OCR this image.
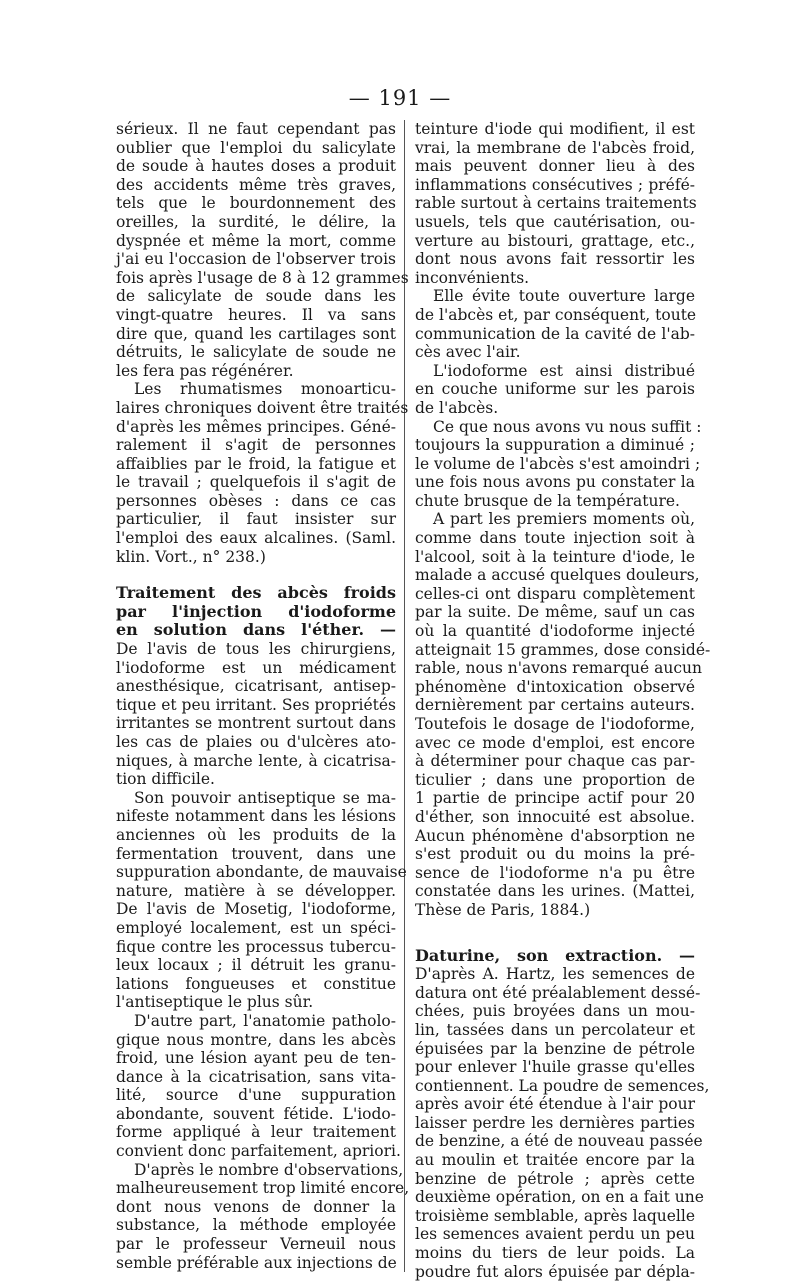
— 191 —
sérieux. Il ne faut cependant pas
oublier que l'emploi du salicylate
de soude à hautes doses a produit
des accidents même très graves,
tels que le bourdonnement des
oreilles, la surdité, le délire, la
dyspnée et même la mort, comme
j'ai eu l'occasion de l'observer trois
fois après l'usage de 8 à 12 grammes
de salicylate de soude dans les
vingt-quatre heures. Il va sans
dire que, quand les cartilages sont
détruits, le salicylate de soude ne
les fera pas régénérer.
Les rhumatismes monoarticu-
laires chroniques doivent être traités
d'après les mêmes principes. Géné-
ralement il s'agit de personnes
affaiblies par le froid, la fatigue et
le travail ; quelquefois il s'agit de
personnes obèses : dans ce cas
particulier, il faut insister sur
l'emploi des eaux alcalines. (Saml.
klin. Vort., n° 238.)
Traitement des abcès froids
par l'injection d'iodoforme
en solution dans l'éther. —
De l'avis de tous les chirurgiens,
l'iodoforme est un médicament
anesthésique, cicatrisant, antisep-
tique et peu irritant. Ses propriétés
irritantes se montrent surtout dans
les cas de plaies ou d'ulcères ato-
niques, à marche lente, à cicatrisa-
tion difficile.
Son pouvoir antiseptique se ma-
nifeste notamment dans les lésions
anciennes où les produits de la
fermentation trouvent, dans une
suppuration abondante, de mauvaise
nature, matière à se développer.
De l'avis de Mosetig, l'iodoforme,
employé localement, est un spéci-
fique contre les processus tubercu-
leux locaux ; il détruit les granu-
lations fongueuses et constitue
l'antiseptique le plus sûr.
D'autre part, l'anatomie patholo-
gique nous montre, dans les abcès
froid, une lésion ayant peu de ten-
dance à la cicatrisation, sans vita-
lité, source d'une suppuration
abondante, souvent fétide. L'iodo-
forme appliqué à leur traitement
convient donc parfaitement, apriori.
D'après le nombre d'observations,
malheureusement trop limité encore,
dont nous venons de donner la
substance, la méthode employée
par le professeur Verneuil nous
semble préférable aux injections de
teinture d'iode qui modifient, il est
vrai, la membrane de l'abcès froid,
mais peuvent donner lieu à des
inflammations consécutives ; préfé-
rable surtout à certains traitements
usuels, tels que cautérisation, ou-
verture au bistouri, grattage, etc.,
dont nous avons fait ressortir les
inconvénients.
Elle évite toute ouverture large
de l'abcès et, par conséquent, toute
communication de la cavité de l'ab-
cès avec l'air.
L'iodoforme est ainsi distribué
en couche uniforme sur les parois
de l'abcès.
Ce que nous avons vu nous suffit :
toujours la suppuration a diminué ;
le volume de l'abcès s'est amoindri ;
une fois nous avons pu constater la
chute brusque de la température.
A part les premiers moments où,
comme dans toute injection soit à
l'alcool, soit à la teinture d'iode, le
malade a accusé quelques douleurs,
celles-ci ont disparu complètement
par la suite. De même, sauf un cas
où la quantité d'iodoforme injecté
atteignait 15 grammes, dose considé-
rable, nous n'avons remarqué aucun
phénomène d'intoxication observé
dernièrement par certains auteurs.
Toutefois le dosage de l'iodoforme,
avec ce mode d'emploi, est encore
à déterminer pour chaque cas par-
ticulier ; dans une proportion de
1 partie de principe actif pour 20
d'éther, son innocuité est absolue.
Aucun phénomène d'absorption ne
s'est produit ou du moins la pré-
sence de l'iodoforme n'a pu être
constatée dans les urines. (Mattei,
Thèse de Paris, 1884.)
Daturine, son extraction. —
D'après A. Hartz, les semences de
datura ont été préalablement dessé-
chées, puis broyées dans un mou-
lin, tassées dans un percolateur et
épuisées par la benzine de pétrole
pour enlever l'huile grasse qu'elles
contiennent. La poudre de semences,
après avoir été étendue à l'air pour
laisser perdre les dernières parties
de benzine, a été de nouveau passée
au moulin et traitée encore par la
benzine de pétrole ; après cette
deuxième opération, on en a fait une
troisième semblable, après laquelle
les semences avaient perdu un peu
moins du tiers de leur poids. La
poudre fut alors épuisée par dépla-
